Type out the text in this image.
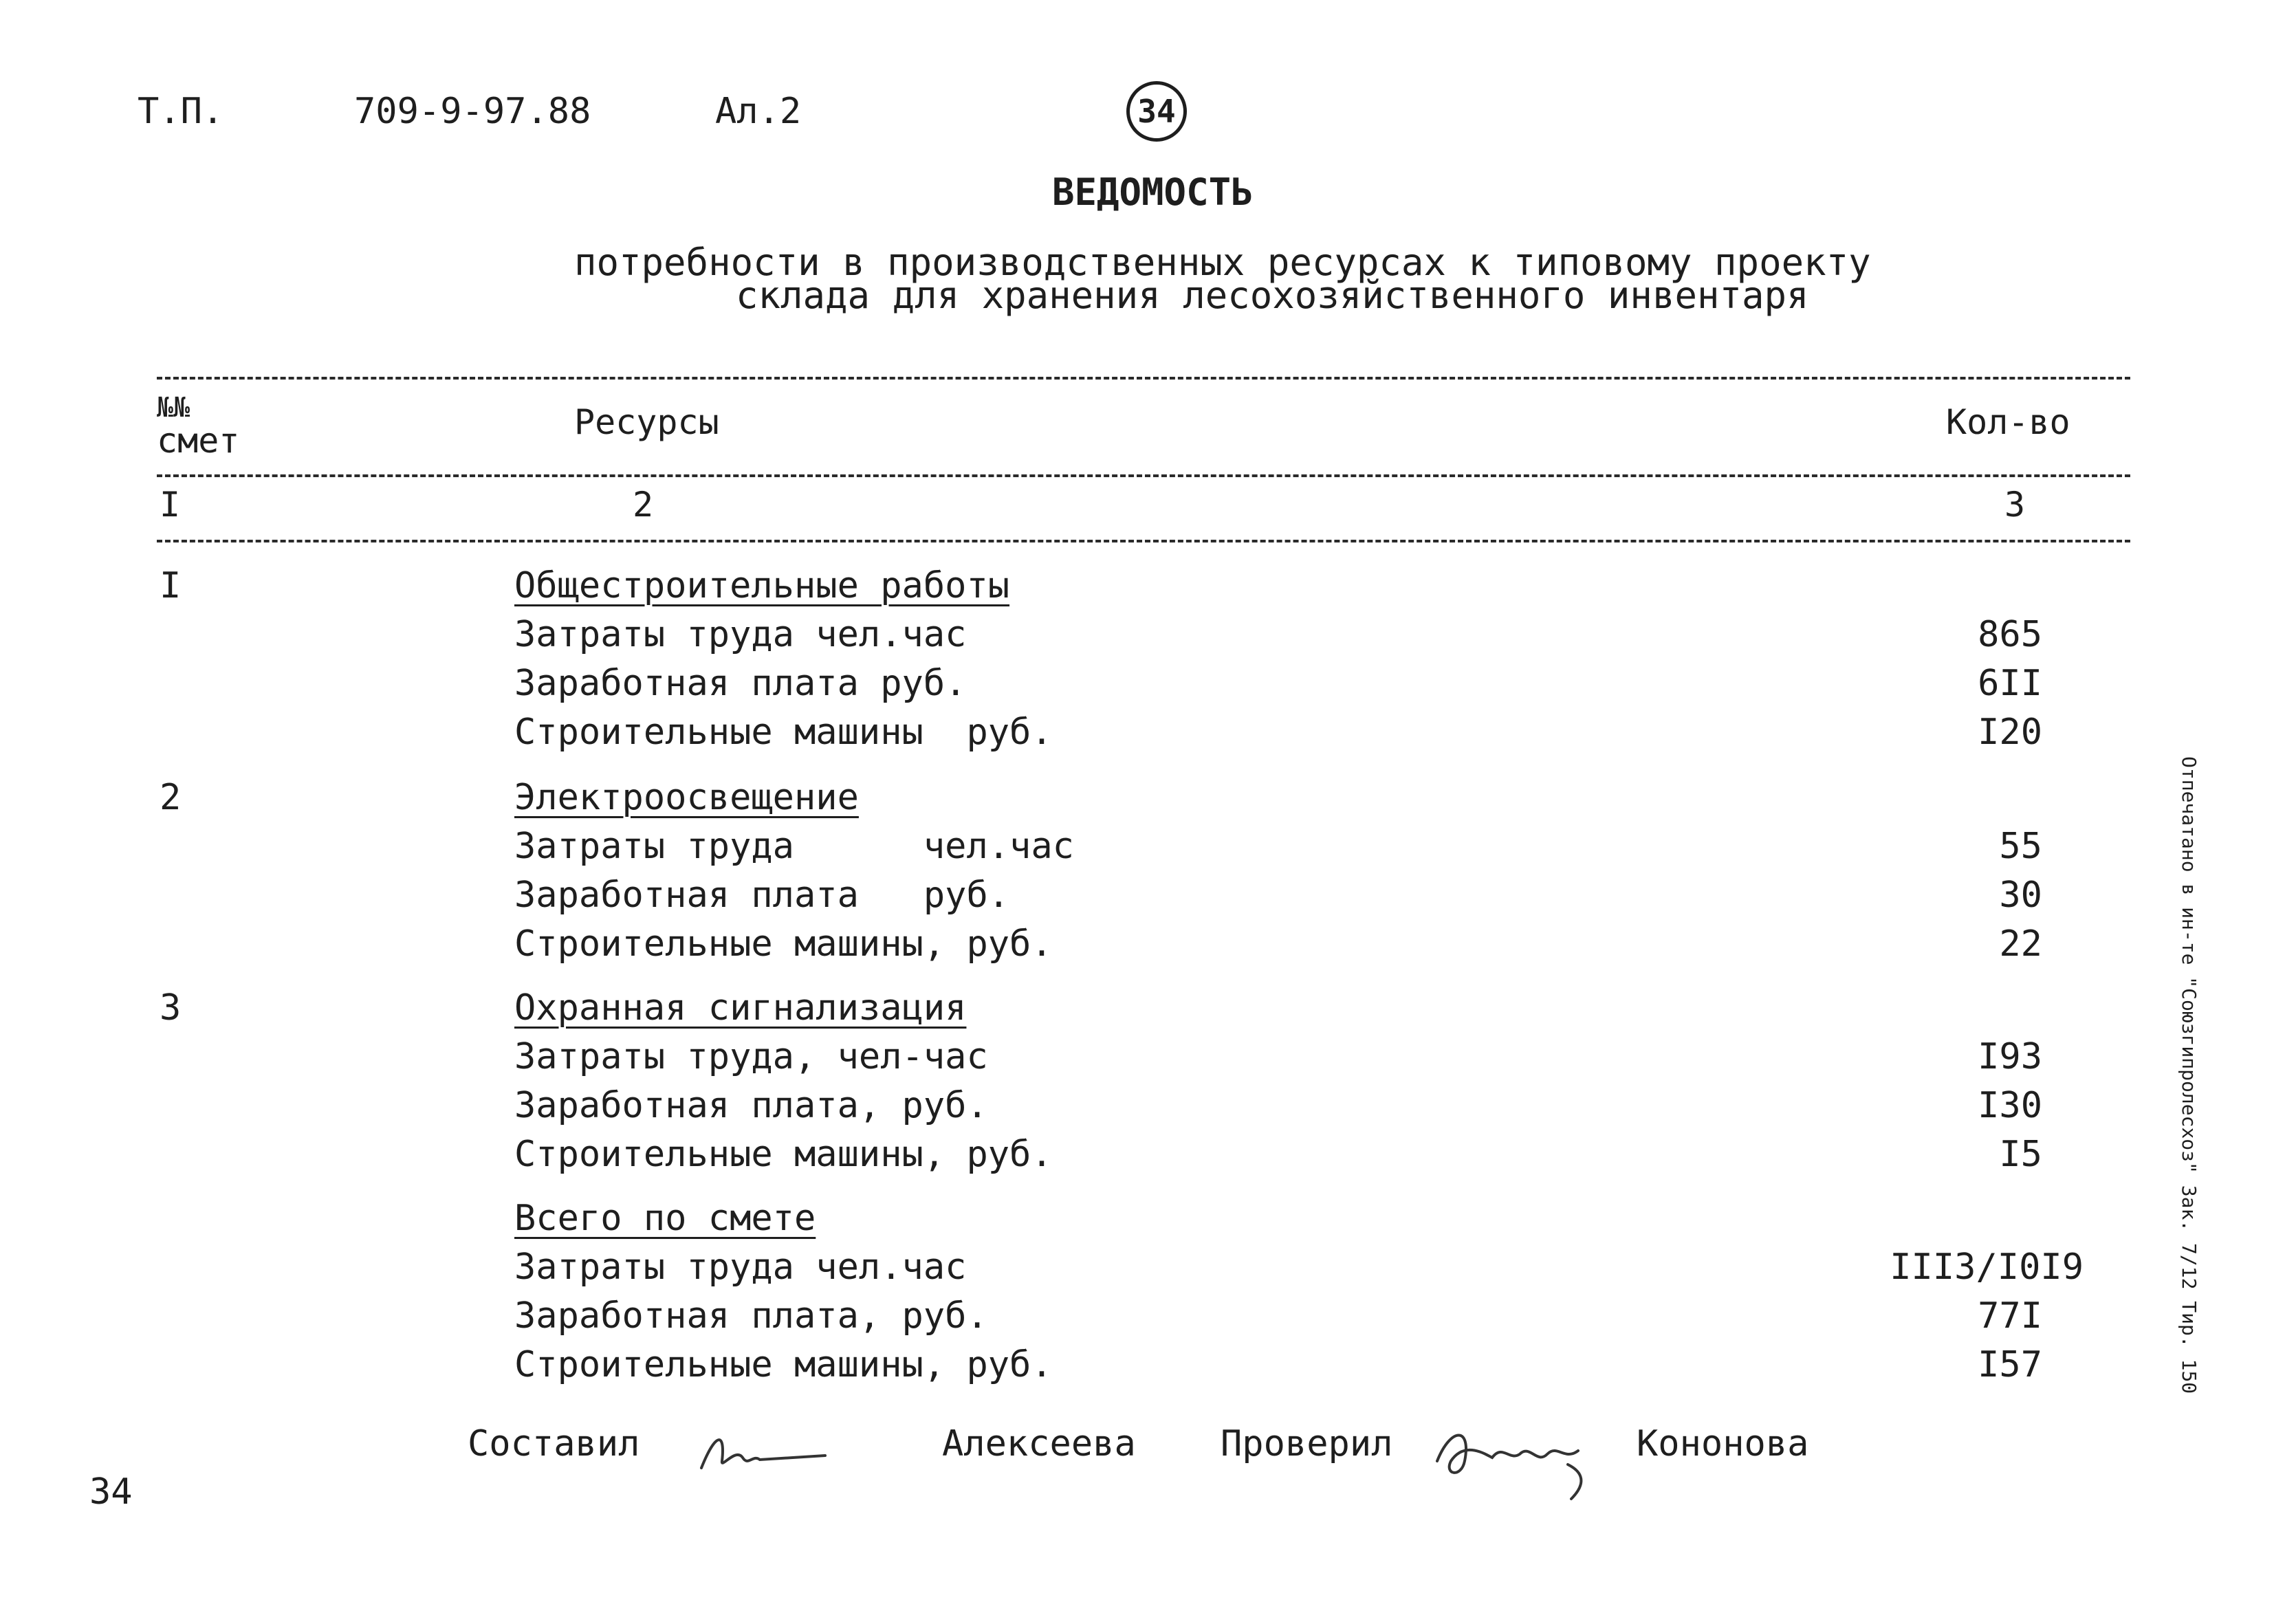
Т.П.	709-9-97.88	Ал.2	34
ВЕДОМОСТЬ
потребности в производственных ресурсах к типовому проекту
склада для хранения лесохозяйственного инвентаря
№№
смет	Ресурсы	Кол-во
I	2	3
I	Общестроительные работы
Затраты труда чел.час	865
Заработная плата руб.	6II
Строительные машины  руб.	I20
2	Электроосвещение
Затраты труда      чел.час	55
Заработная плата   руб.	30
Строительные машины, руб.	22
3	Охранная сигнализация
Затраты труда, чел-час	I93
Заработная плата, руб.	I30
Строительные машины, руб.	I5
Всего по смете
Затраты труда чел.час	III3/I0I9
Заработная плата, руб.	77I
Строительные машины, руб.	I57
Составил	Алексеева Проверил	Кононова
34
Отпечатано в ин-те "Союзгипролесхоз" Зак. 7/12 Тир. 150
